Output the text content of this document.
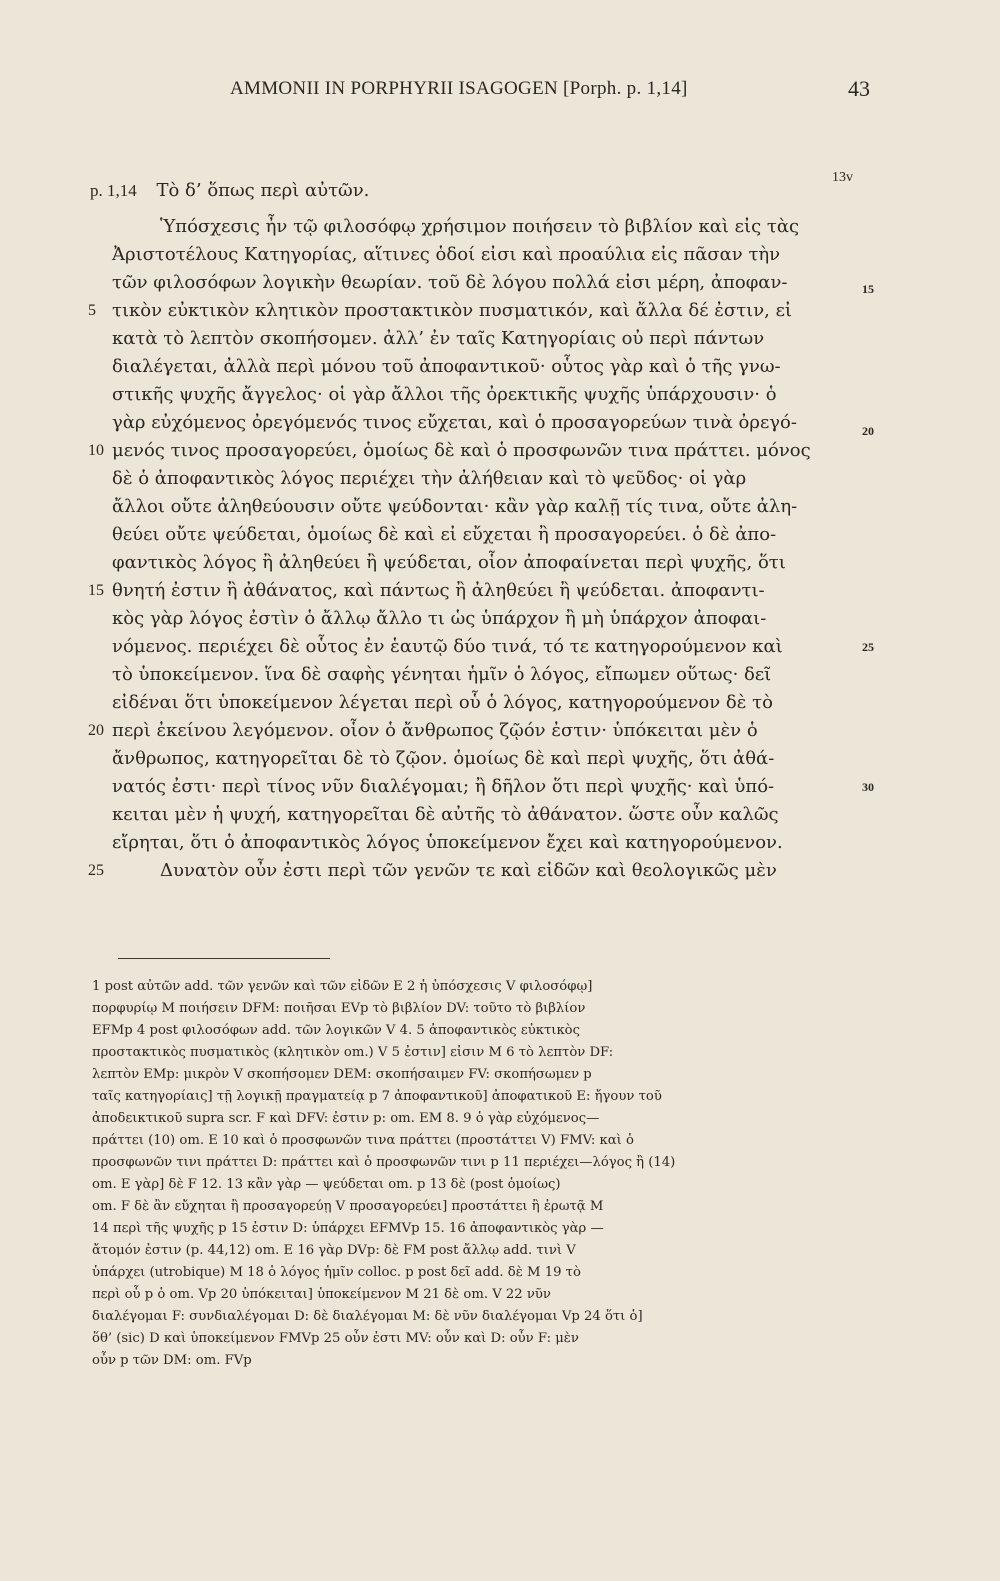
AMMONII IN PORPHYRII ISAGOGEN [Porph. p. 1,14]	43
p. 1,14 Τὸ δ’ ὅπως περὶ αὐτῶν.
13v
Ὑπόσχεσις ἦν τῷ φιλοσόφῳ χρήσιμον ποιήσειν τὸ βιβλίον καὶ εἰς τὰς
Ἀριστοτέλους Κατηγορίας, αἵτινες ὁδοί εἰσι καὶ προαύλια εἰς πᾶσαν τὴν
τῶν φιλοσόφων λογικὴν θεωρίαν. τοῦ δὲ λόγου πολλά εἰσι μέρη, ἀποφαν-
τικὸν εὐκτικὸν κλητικὸν προστακτικὸν πυσματικόν, καὶ ἄλλα δέ ἐστιν, εἰ
κατὰ τὸ λεπτὸν σκοπήσομεν. ἀλλ’ ἐν ταῖς Κατηγορίαις οὐ περὶ πάντων
διαλέγεται, ἀλλὰ περὶ μόνου τοῦ ἀποφαντικοῦ· οὗτος γὰρ καὶ ὁ τῆς γνω-
στικῆς ψυχῆς ἄγγελος· οἱ γὰρ ἄλλοι τῆς ὀρεκτικῆς ψυχῆς ὑπάρχουσιν· ὁ
γὰρ εὐχόμενος ὀρεγόμενός τινος εὔχεται, καὶ ὁ προσαγορεύων τινὰ ὀρεγό-
μενός τινος προσαγορεύει, ὁμοίως δὲ καὶ ὁ προσφωνῶν τινα πράττει. μόνος
δὲ ὁ ἀποφαντικὸς λόγος περιέχει τὴν ἀλήθειαν καὶ τὸ ψεῦδος· οἱ γὰρ
ἄλλοι οὔτε ἀληθεύουσιν οὔτε ψεύδονται· κἂν γὰρ καλῇ τίς τινα, οὔτε ἀλη-
θεύει οὔτε ψεύδεται, ὁμοίως δὲ καὶ εἰ εὔχεται ἢ προσαγορεύει. ὁ δὲ ἀπο-
φαντικὸς λόγος ἢ ἀληθεύει ἢ ψεύδεται, οἷον ἀποφαίνεται περὶ ψυχῆς, ὅτι
θνητή ἐστιν ἢ ἀθάνατος, καὶ πάντως ἢ ἀληθεύει ἢ ψεύδεται. ἀποφαντι-
κὸς γὰρ λόγος ἐστὶν ὁ ἄλλῳ ἄλλο τι ὡς ὑπάρχον ἢ μὴ ὑπάρχον ἀποφαι-
νόμενος. περιέχει δὲ οὗτος ἐν ἑαυτῷ δύο τινά, τό τε κατηγορούμενον καὶ
τὸ ὑποκείμενον. ἵνα δὲ σαφὴς γένηται ἡμῖν ὁ λόγος, εἴπωμεν οὕτως· δεῖ
εἰδέναι ὅτι ὑποκείμενον λέγεται περὶ οὗ ὁ λόγος, κατηγορούμενον δὲ τὸ
περὶ ἐκείνου λεγόμενον. οἷον ὁ ἄνθρωπος ζῷόν ἐστιν· ὑπόκειται μὲν ὁ
ἄνθρωπος, κατηγορεῖται δὲ τὸ ζῷον. ὁμοίως δὲ καὶ περὶ ψυχῆς, ὅτι ἀθά-
νατός ἐστι· περὶ τίνος νῦν διαλέγομαι; ἢ δῆλον ὅτι περὶ ψυχῆς· καὶ ὑπό-
κειται μὲν ἡ ψυχή, κατηγορεῖται δὲ αὐτῆς τὸ ἀθάνατον. ὥστε οὖν καλῶς
εἴρηται, ὅτι ὁ ἀποφαντικὸς λόγος ὑποκείμενον ἔχει καὶ κατηγορούμενον.
Δυνατὸν οὖν ἐστι περὶ τῶν γενῶν τε καὶ εἰδῶν καὶ θεολογικῶς μὲν
5
10
15
20
25
15
20
25
30
1 post αὐτῶν add. τῶν γενῶν καὶ τῶν εἰδῶν E 2 ἡ ὑπόσχεσις V φιλοσόφῳ]
πορφυρίῳ M ποιήσειν DFM: ποιῆσαι EVp τὸ βιβλίον DV: τοῦτο τὸ βιβλίον
EFMp 4 post φιλοσόφων add. τῶν λογικῶν V 4. 5 ἀποφαντικὸς εὐκτικὸς
προστακτικὸς πυσματικὸς (κλητικὸν om.) V 5 ἐστιν] εἰσιν M 6 τὸ λεπτὸν DF:
λεπτὸν EMp: μικρὸν V σκοπήσομεν DEM: σκοπήσαιμεν FV: σκοπήσωμεν p
ταῖς κατηγορίαις] τῇ λογικῇ πραγματείᾳ p 7 ἀποφαντικοῦ] ἀποφατικοῦ E: ἤγουν τοῦ
ἀποδεικτικοῦ supra scr. F καὶ DFV: ἐστιν p: om. EM 8. 9 ὁ γὰρ εὐχόμενος—
πράττει (10) om. E 10 καὶ ὁ προσφωνῶν τινα πράττει (προστάττει V) FMV: καὶ ὁ
προσφωνῶν τινι πράττει D: πράττει καὶ ὁ προσφωνῶν τινι p 11 περιέχει—λόγος ἢ (14)
om. E γὰρ] δὲ F 12. 13 κἂν γὰρ — ψεύδεται om. p 13 δὲ (post ὁμοίως)
om. F δὲ ἂν εὔχηται ἢ προσαγορεύῃ V προσαγορεύει] προστάττει ἢ ἐρωτᾷ M
14 περὶ τῆς ψυχῆς p 15 ἐστιν D: ὑπάρχει EFMVp 15. 16 ἀποφαντικὸς γὰρ —
ἄτομόν ἐστιν (p. 44,12) om. E 16 γὰρ DVp: δὲ FM post ἄλλῳ add. τινὶ V
ὑπάρχει (utrobique) M 18 ὁ λόγος ἡμῖν colloc. p post δεῖ add. δὲ M 19 τὸ
περὶ οὗ p ὁ om. Vp 20 ὑπόκειται] ὑποκείμενον M 21 δὲ om. V 22 νῦν
διαλέγομαι F: συνδιαλέγομαι D: δὲ διαλέγομαι M: δὲ νῦν διαλέγομαι Vp 24 ὅτι ὁ]
ὅθ’ (sic) D καὶ ὑποκείμενον FMVp 25 οὖν ἐστι MV: οὖν καὶ D: οὖν F: μὲν
οὖν p τῶν DM: om. FVp
